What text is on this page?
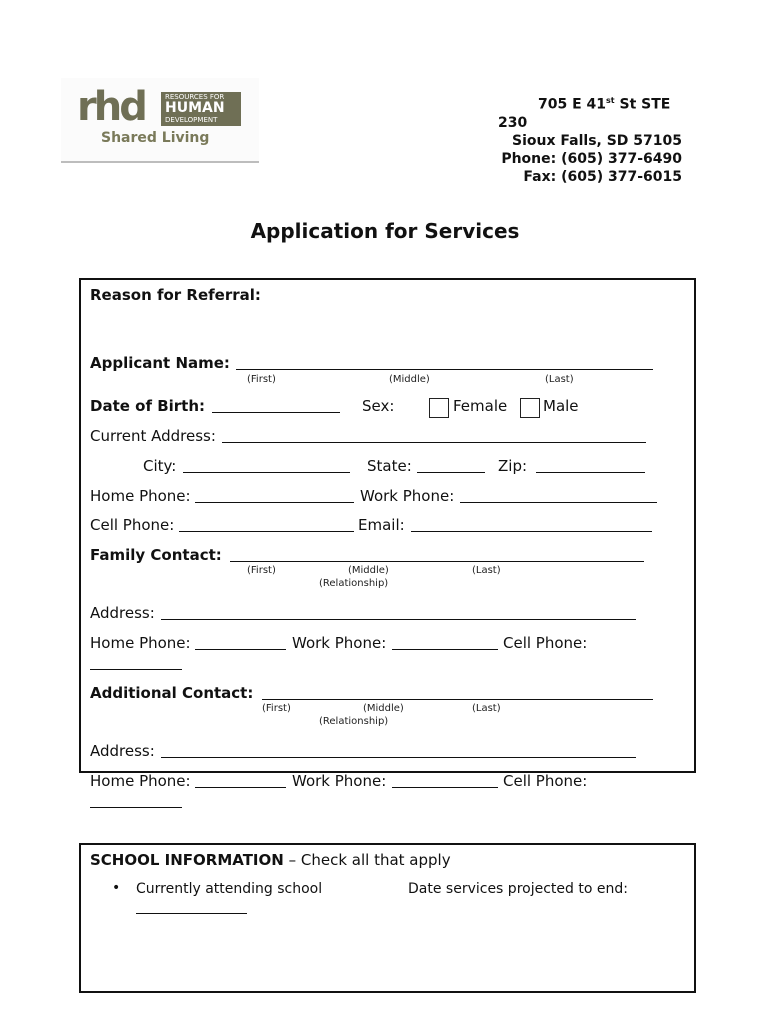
rhd	RESOURCES FOR
HUMAN
DEVELOPMENT
Shared Living
705 E 41st St STE
230
Sioux Falls, SD 57105
Phone: (605) 377-6490
Fax: (605) 377-6015
Application for Services
Reason for Referral:
Applicant Name:
(First)	(Middle)	(Last)
Date of Birth:	Sex:	Female Male
Current Address:
City:	State:	Zip:
Home Phone:	Work Phone:
Cell Phone:	Email:
Family Contact:
(First)	(Middle)	(Last)
(Relationship)
Address:
Home Phone:	Work Phone:	Cell Phone:
Additional Contact:
(First)	(Middle)	(Last)
(Relationship)
Address:
Home Phone:	Work Phone:	Cell Phone:
SCHOOL INFORMATION – Check all that apply
• Currently attending school	Date services projected to end:
